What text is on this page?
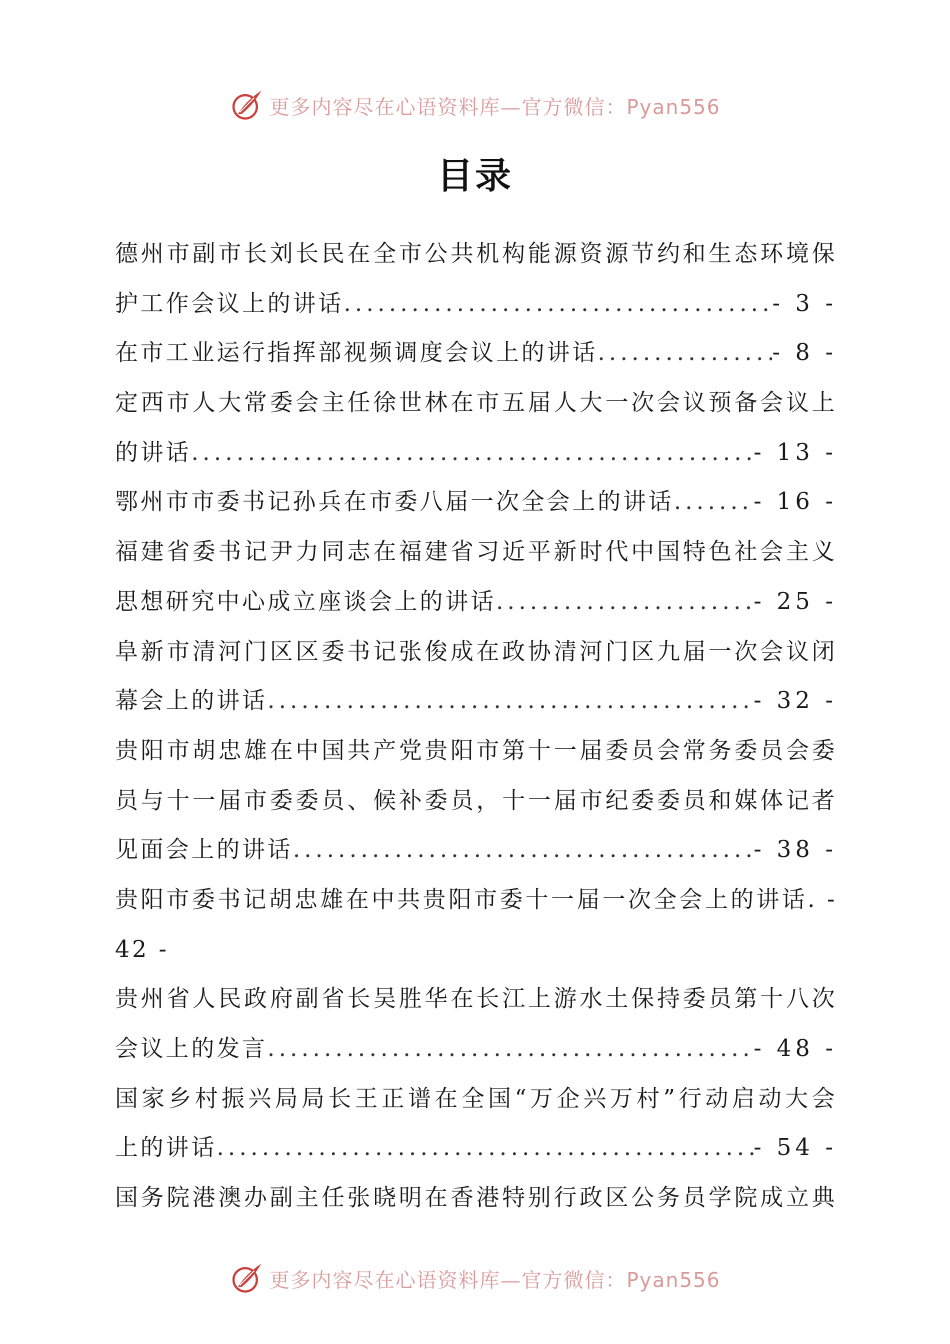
更多内容尽在心语资料库—官方微信：Pyan556
目录
德州市副市长刘长民在全市公共机构能源资源节约和生态环境保
护工作会议上的讲话 .....	- 3 -
在市工业运行指挥部视频调度会议上的讲话 .....	- 8 -
定西市人大常委会主任徐世林在市五届人大一次会议预备会议上
的讲话 .....	- 13 -
鄂州市市委书记孙兵在市委八届一次全会上的讲话 .....	- 16 -
福建省委书记尹力同志在福建省习近平新时代中国特色社会主义
思想研究中心成立座谈会上的讲话 .....	- 25 -
阜新市清河门区区委书记张俊成在政协清河门区九届一次会议闭
幕会上的讲话 .....	- 32 -
贵阳市胡忠雄在中国共产党贵阳市第十一届委员会常务委员会委
员与十一届市委委员、候补委员，十一届市纪委委员和媒体记者
见面会上的讲话 .....	- 38 -
贵阳市委书记胡忠雄在中共贵阳市委十一届一次全会上的讲话. -
42 -
贵州省人民政府副省长吴胜华在长江上游水土保持委员第十八次
会议上的发言 .....	- 48 -
国家乡村振兴局局长王正谱在全国“万企兴万村”行动启动大会
上的讲话 .....	- 54 -
国务院港澳办副主任张晓明在香港特别行政区公务员学院成立典
更多内容尽在心语资料库—官方微信：Pyan556
